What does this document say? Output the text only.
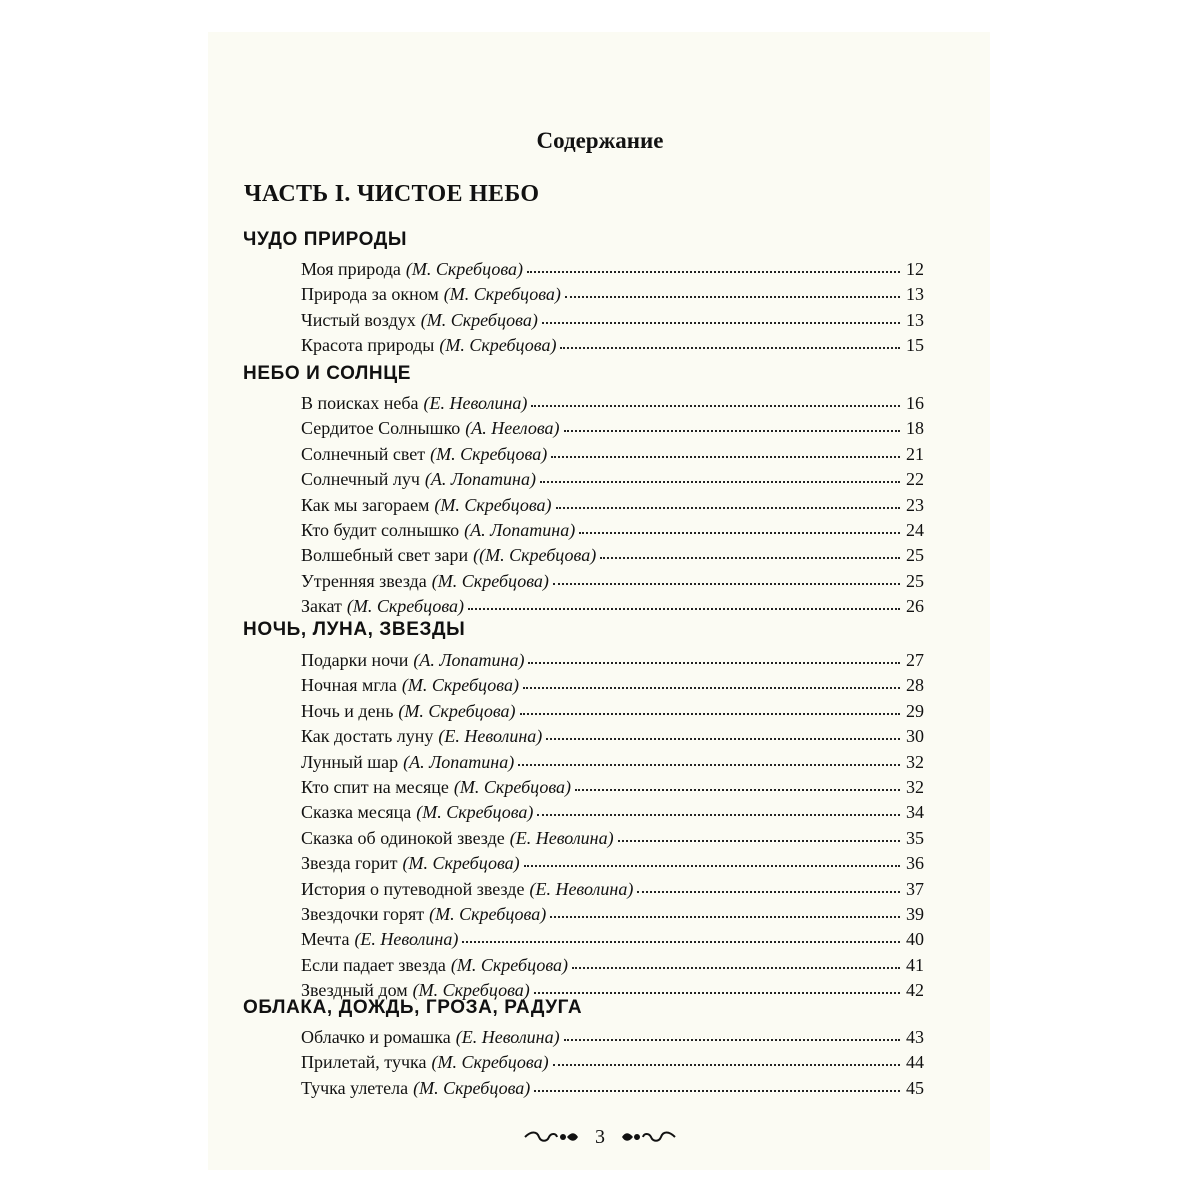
Содержание
ЧАСТЬ I. ЧИСТОЕ НЕБО
ЧУДО ПРИРОДЫ
Моя природа (М. Скребцова)	12
Природа за окном (М. Скребцова)	13
Чистый воздух (М. Скребцова)	13
Красота природы (М. Скребцова)	15
НЕБО И СОЛНЦЕ
В поисках неба (Е. Неволина)	16
Сердитое Солнышко (А. Неелова)	18
Солнечный свет (М. Скребцова)	21
Солнечный луч (А. Лопатина)	22
Как мы загораем (М. Скребцова)	23
Кто будит солнышко (А. Лопатина)	24
Волшебный свет зари ((М. Скребцова)	25
Утренняя звезда (М. Скребцова)	25
Закат (М. Скребцова)	26
НОЧЬ, ЛУНА, ЗВЕЗДЫ
Подарки ночи (А. Лопатина)	27
Ночная мгла (М. Скребцова)	28
Ночь и день (М. Скребцова)	29
Как достать луну (Е. Неволина)	30
Лунный шар (А. Лопатина)	32
Кто спит на месяце (М. Скребцова)	32
Сказка месяца (М. Скребцова)	34
Сказка об одинокой звезде (Е. Неволина)	35
Звезда горит (М. Скребцова)	36
История о путеводной звезде (Е. Неволина)	37
Звездочки горят (М. Скребцова)	39
Мечта (Е. Неволина)	40
Если падает звезда (М. Скребцова)	41
Звездный дом (М. Скребцова)	42
ОБЛАКА, ДОЖДЬ, ГРОЗА, РАДУГА
Облачко и ромашка (Е. Неволина)	43
Прилетай, тучка (М. Скребцова)	44
Тучка улетела (М. Скребцова)	45
3
